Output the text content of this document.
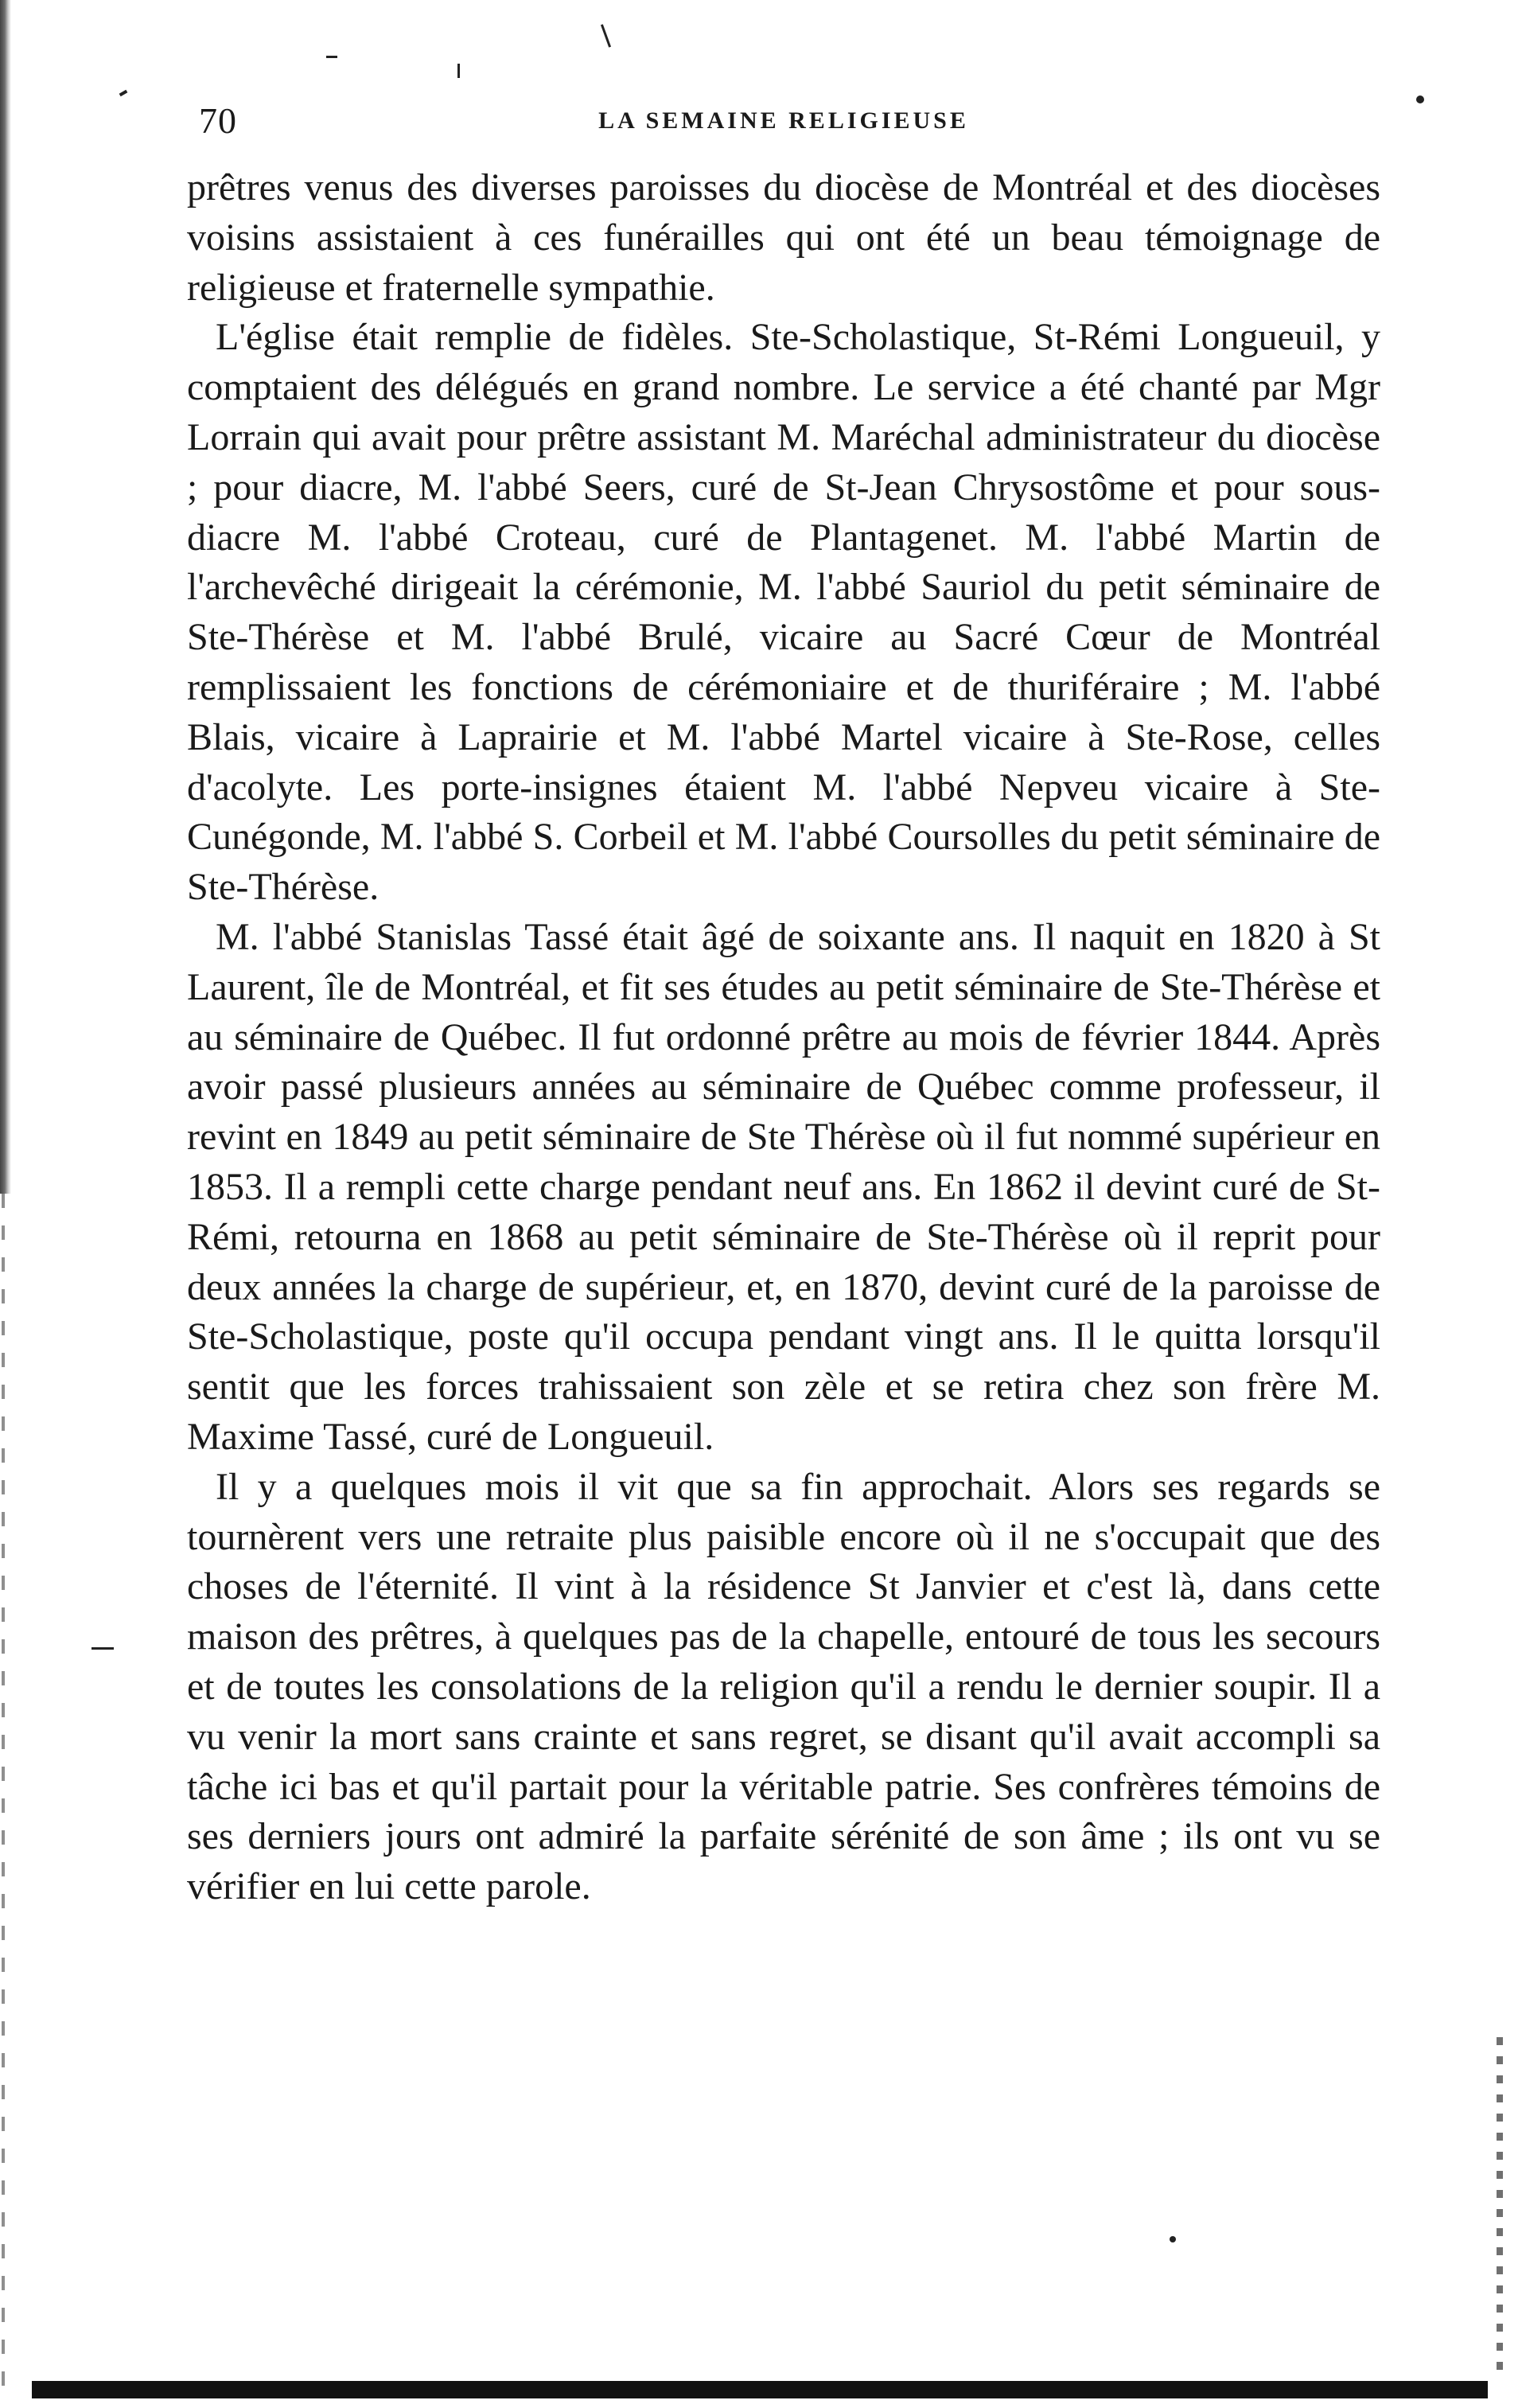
70	LA SEMAINE RELIGIEUSE

prêtres venus des diverses paroisses du diocèse de Montréal et des diocèses voisins assistaient à ces funérailles qui ont été un beau témoignage de religieuse et fraternelle sympathie.

L'église était remplie de fidèles. Ste-Scholastique, St-Rémi Longueuil, y comptaient des délégués en grand nombre. Le service a été chanté par Mgr Lorrain qui avait pour prêtre assistant M. Maréchal administrateur du diocèse ; pour diacre, M. l'abbé Seers, curé de St-Jean Chrysostôme et pour sous-diacre M. l'abbé Croteau, curé de Plantagenet. M. l'abbé Martin de l'archevêché dirigeait la cérémonie, M. l'abbé Sauriol du petit séminaire de Ste-Thérèse et M. l'abbé Brulé, vicaire au Sacré Cœur de Montréal remplissaient les fonctions de cérémoniaire et de thuriféraire ; M. l'abbé Blais, vicaire à Laprairie et M. l'abbé Martel vicaire à Ste-Rose, celles d'acolyte. Les porte-insignes étaient M. l'abbé Nepveu vicaire à Ste-Cunégonde, M. l'abbé S. Corbeil et M. l'abbé Coursolles du petit séminaire de Ste-Thérèse.

M. l'abbé Stanislas Tassé était âgé de soixante ans. Il naquit en 1820 à St Laurent, île de Montréal, et fit ses études au petit séminaire de Ste-Thérèse et au séminaire de Québec. Il fut ordonné prêtre au mois de février 1844. Après avoir passé plusieurs années au séminaire de Québec comme professeur, il revint en 1849 au petit séminaire de Ste Thérèse où il fut nommé supérieur en 1853. Il a rempli cette charge pendant neuf ans. En 1862 il devint curé de St-Rémi, retourna en 1868 au petit séminaire de Ste-Thérèse où il reprit pour deux années la charge de supérieur, et, en 1870, devint curé de la paroisse de Ste-Scholastique, poste qu'il occupa pendant vingt ans. Il le quitta lorsqu'il sentit que les forces trahissaient son zèle et se retira chez son frère M. Maxime Tassé, curé de Longueuil.

Il y a quelques mois il vit que sa fin approchait. Alors ses regards se tournèrent vers une retraite plus paisible encore où il ne s'occupait que des choses de l'éternité. Il vint à la résidence St Janvier et c'est là, dans cette maison des prêtres, à quelques pas de la chapelle, entouré de tous les secours et de toutes les consolations de la religion qu'il a rendu le dernier soupir. Il a vu venir la mort sans crainte et sans regret, se disant qu'il avait accompli sa tâche ici bas et qu'il partait pour la véritable patrie. Ses confrères témoins de ses derniers jours ont admiré la parfaite sérénité de son âme ; ils ont vu se vérifier en lui cette parole.
